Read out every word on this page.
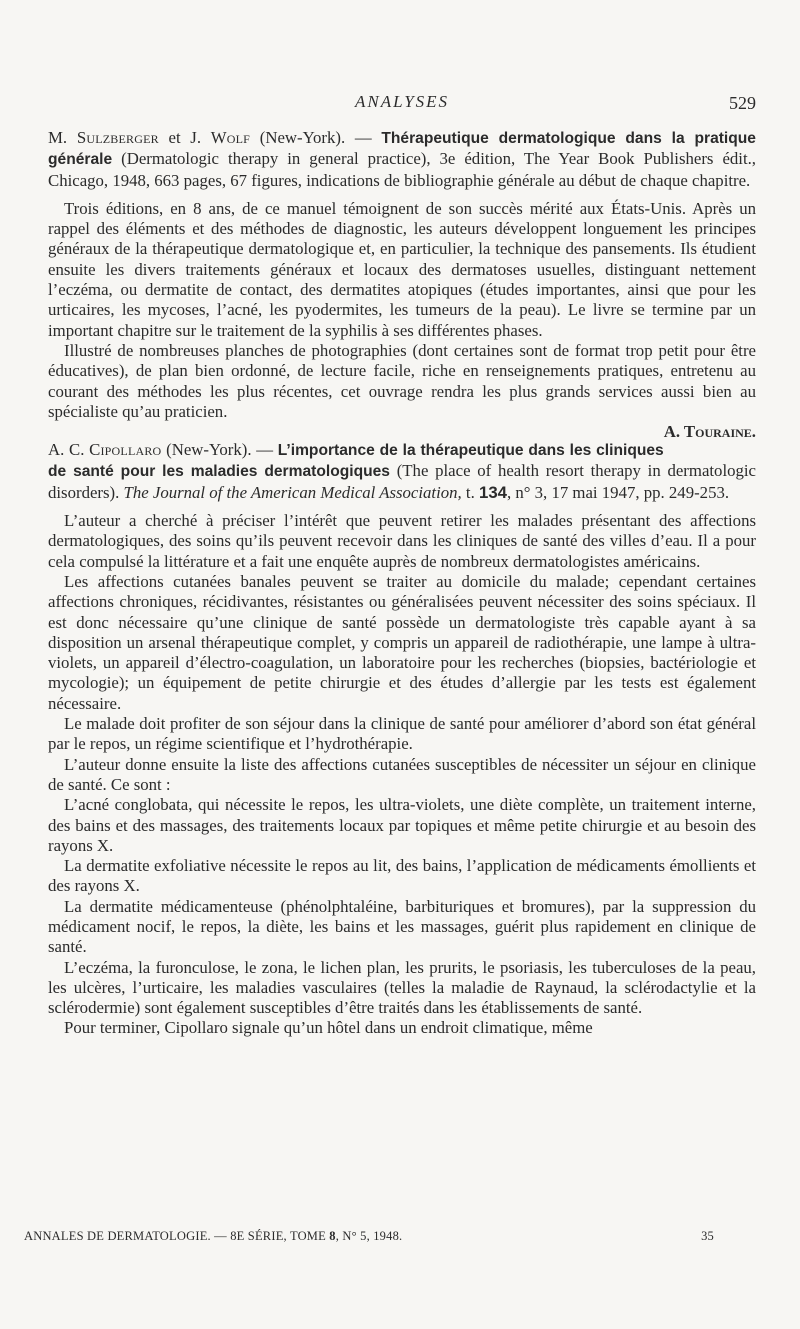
ANALYSES	529

M. Sulzberger et J. Wolf (New-York). — Thérapeutique dermatologique dans la pratique générale (Dermatologic therapy in general practice), 3e édition, The Year Book Publishers édit., Chicago, 1948, 663 pages, 67 figures, indications de bibliographie générale au début de chaque chapitre.

Trois éditions, en 8 ans, de ce manuel témoignent de son succès mérité aux États-Unis. Après un rappel des éléments et des méthodes de diagnostic, les auteurs développent longuement les principes généraux de la thérapeutique dermatologique et, en particulier, la technique des pansements. Ils étudient ensuite les divers traitements généraux et locaux des dermatoses usuelles, distinguant nettement l’eczéma, ou dermatite de contact, des dermatites atopiques (études importantes, ainsi que pour les urticaires, les mycoses, l’acné, les pyodermites, les tumeurs de la peau). Le livre se termine par un important chapitre sur le traitement de la syphilis à ses différentes phases.

Illustré de nombreuses planches de photographies (dont certaines sont de format trop petit pour être éducatives), de plan bien ordonné, de lecture facile, riche en renseignements pratiques, entretenu au courant des méthodes les plus récentes, cet ouvrage rendra les plus grands services aussi bien au spécialiste qu’au praticien.

A. Touraine.

A. C. Cipollaro (New-York). — L’importance de la thérapeutique dans les cliniques de santé pour les maladies dermatologiques (The place of health resort therapy in dermatologic disorders). The Journal of the American Medical Association, t. 134, n° 3, 17 mai 1947, pp. 249-253.

L’auteur a cherché à préciser l’intérêt que peuvent retirer les malades présentant des affections dermatologiques, des soins qu’ils peuvent recevoir dans les cliniques de santé des villes d’eau. Il a pour cela compulsé la littérature et a fait une enquête auprès de nombreux dermatologistes américains.

Les affections cutanées banales peuvent se traiter au domicile du malade; cependant certaines affections chroniques, récidivantes, résistantes ou généralisées peuvent nécessiter des soins spéciaux. Il est donc nécessaire qu’une clinique de santé possède un dermatologiste très capable ayant à sa disposition un arsenal thérapeutique complet, y compris un appareil de radiothérapie, une lampe à ultra-violets, un appareil d’électro-coagulation, un laboratoire pour les recherches (biopsies, bactériologie et mycologie); un équipement de petite chirurgie et des études d’allergie par les tests est également nécessaire.

Le malade doit profiter de son séjour dans la clinique de santé pour améliorer d’abord son état général par le repos, un régime scientifique et l’hydrothérapie.

L’auteur donne ensuite la liste des affections cutanées susceptibles de nécessiter un séjour en clinique de santé. Ce sont :

L’acné conglobata, qui nécessite le repos, les ultra-violets, une diète complète, un traitement interne, des bains et des massages, des traitements locaux par topiques et même petite chirurgie et au besoin des rayons X.

La dermatite exfoliative nécessite le repos au lit, des bains, l’application de médicaments émollients et des rayons X.

La dermatite médicamenteuse (phénolphtaléine, barbituriques et bromures), par la suppression du médicament nocif, le repos, la diète, les bains et les massages, guérit plus rapidement en clinique de santé.

L’eczéma, la furonculose, le zona, le lichen plan, les prurits, le psoriasis, les tuberculoses de la peau, les ulcères, l’urticaire, les maladies vasculaires (telles la maladie de Raynaud, la sclérodactylie et la sclérodermie) sont également susceptibles d’être traités dans les établissements de santé.

Pour terminer, Cipollaro signale qu’un hôtel dans un endroit climatique, même

ANNALES DE DERMATOLOGIE. — 8E SÉRIE, TOME 8, N° 5, 1948.	35
